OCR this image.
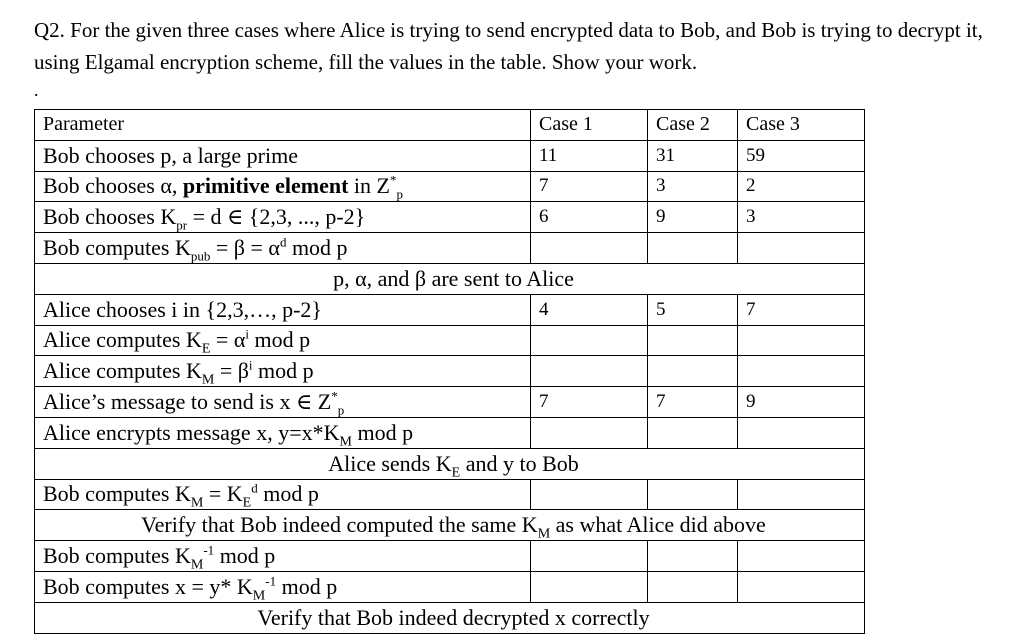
Q2. For the given three cases where Alice is trying to send encrypted data to Bob, and Bob is trying to decrypt it, using Elgamal encryption scheme, fill the values in the table. Show your work.
.
Parameter	Case 1	Case 2	Case 3
Bob chooses p, a large prime	11	31	59
Bob chooses α, primitive element in $Z^*_p$	7	3	2
Bob chooses $K_{pr} = d$ ∈ {2,3, ..., p-2}	6	9	3
Bob computes $K_{pub} = \beta = \alpha^d$ mod p			
p, α, and β are sent to Alice			
Alice chooses i in {2,3,…, p-2}	4	5	7
Alice computes $K_E = \alpha^i$ mod p			
Alice computes $K_M = \beta^i$ mod p			
Alice’s message to send is x ∈ $Z^*_p$	7	7	9
Alice encrypts message x, $y=x*K_M$ mod p			
Alice sends $K_E$ and y to Bob			
Bob computes $K_M = K_E^d$ mod p			
Verify that Bob indeed computed the same $K_M$ as what Alice did above			
Bob computes $K_M^{-1}$ mod p			
Bob computes x = y* $K_M^{-1}$ mod p			
Verify that Bob indeed decrypted x correctly			
